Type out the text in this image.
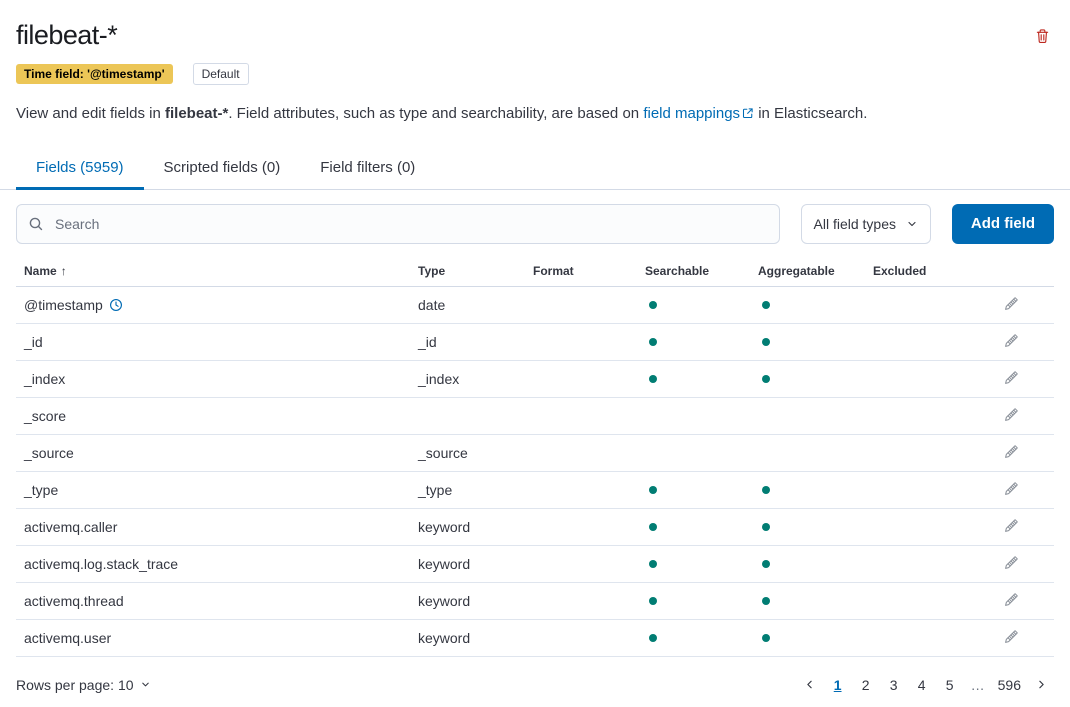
filebeat-*
Time field: '@timestamp'	Default

View and edit fields in filebeat-*. Field attributes, such as type and searchability, are based on field mappings in Elasticsearch.

Fields (5959)	Scripted fields (0)	Field filters (0)
Search
All field types	Add field
Name ↑	Type	Format	Searchable	Aggregatable	Excluded
@timestamp	date
_id	_id
_index	_index
_score
_source	_source
_type	_type
activemq.caller	keyword
activemq.log.stack_trace	keyword
activemq.thread	keyword
activemq.user	keyword
Rows per page: 10	1	2	3	4	5	… 596
